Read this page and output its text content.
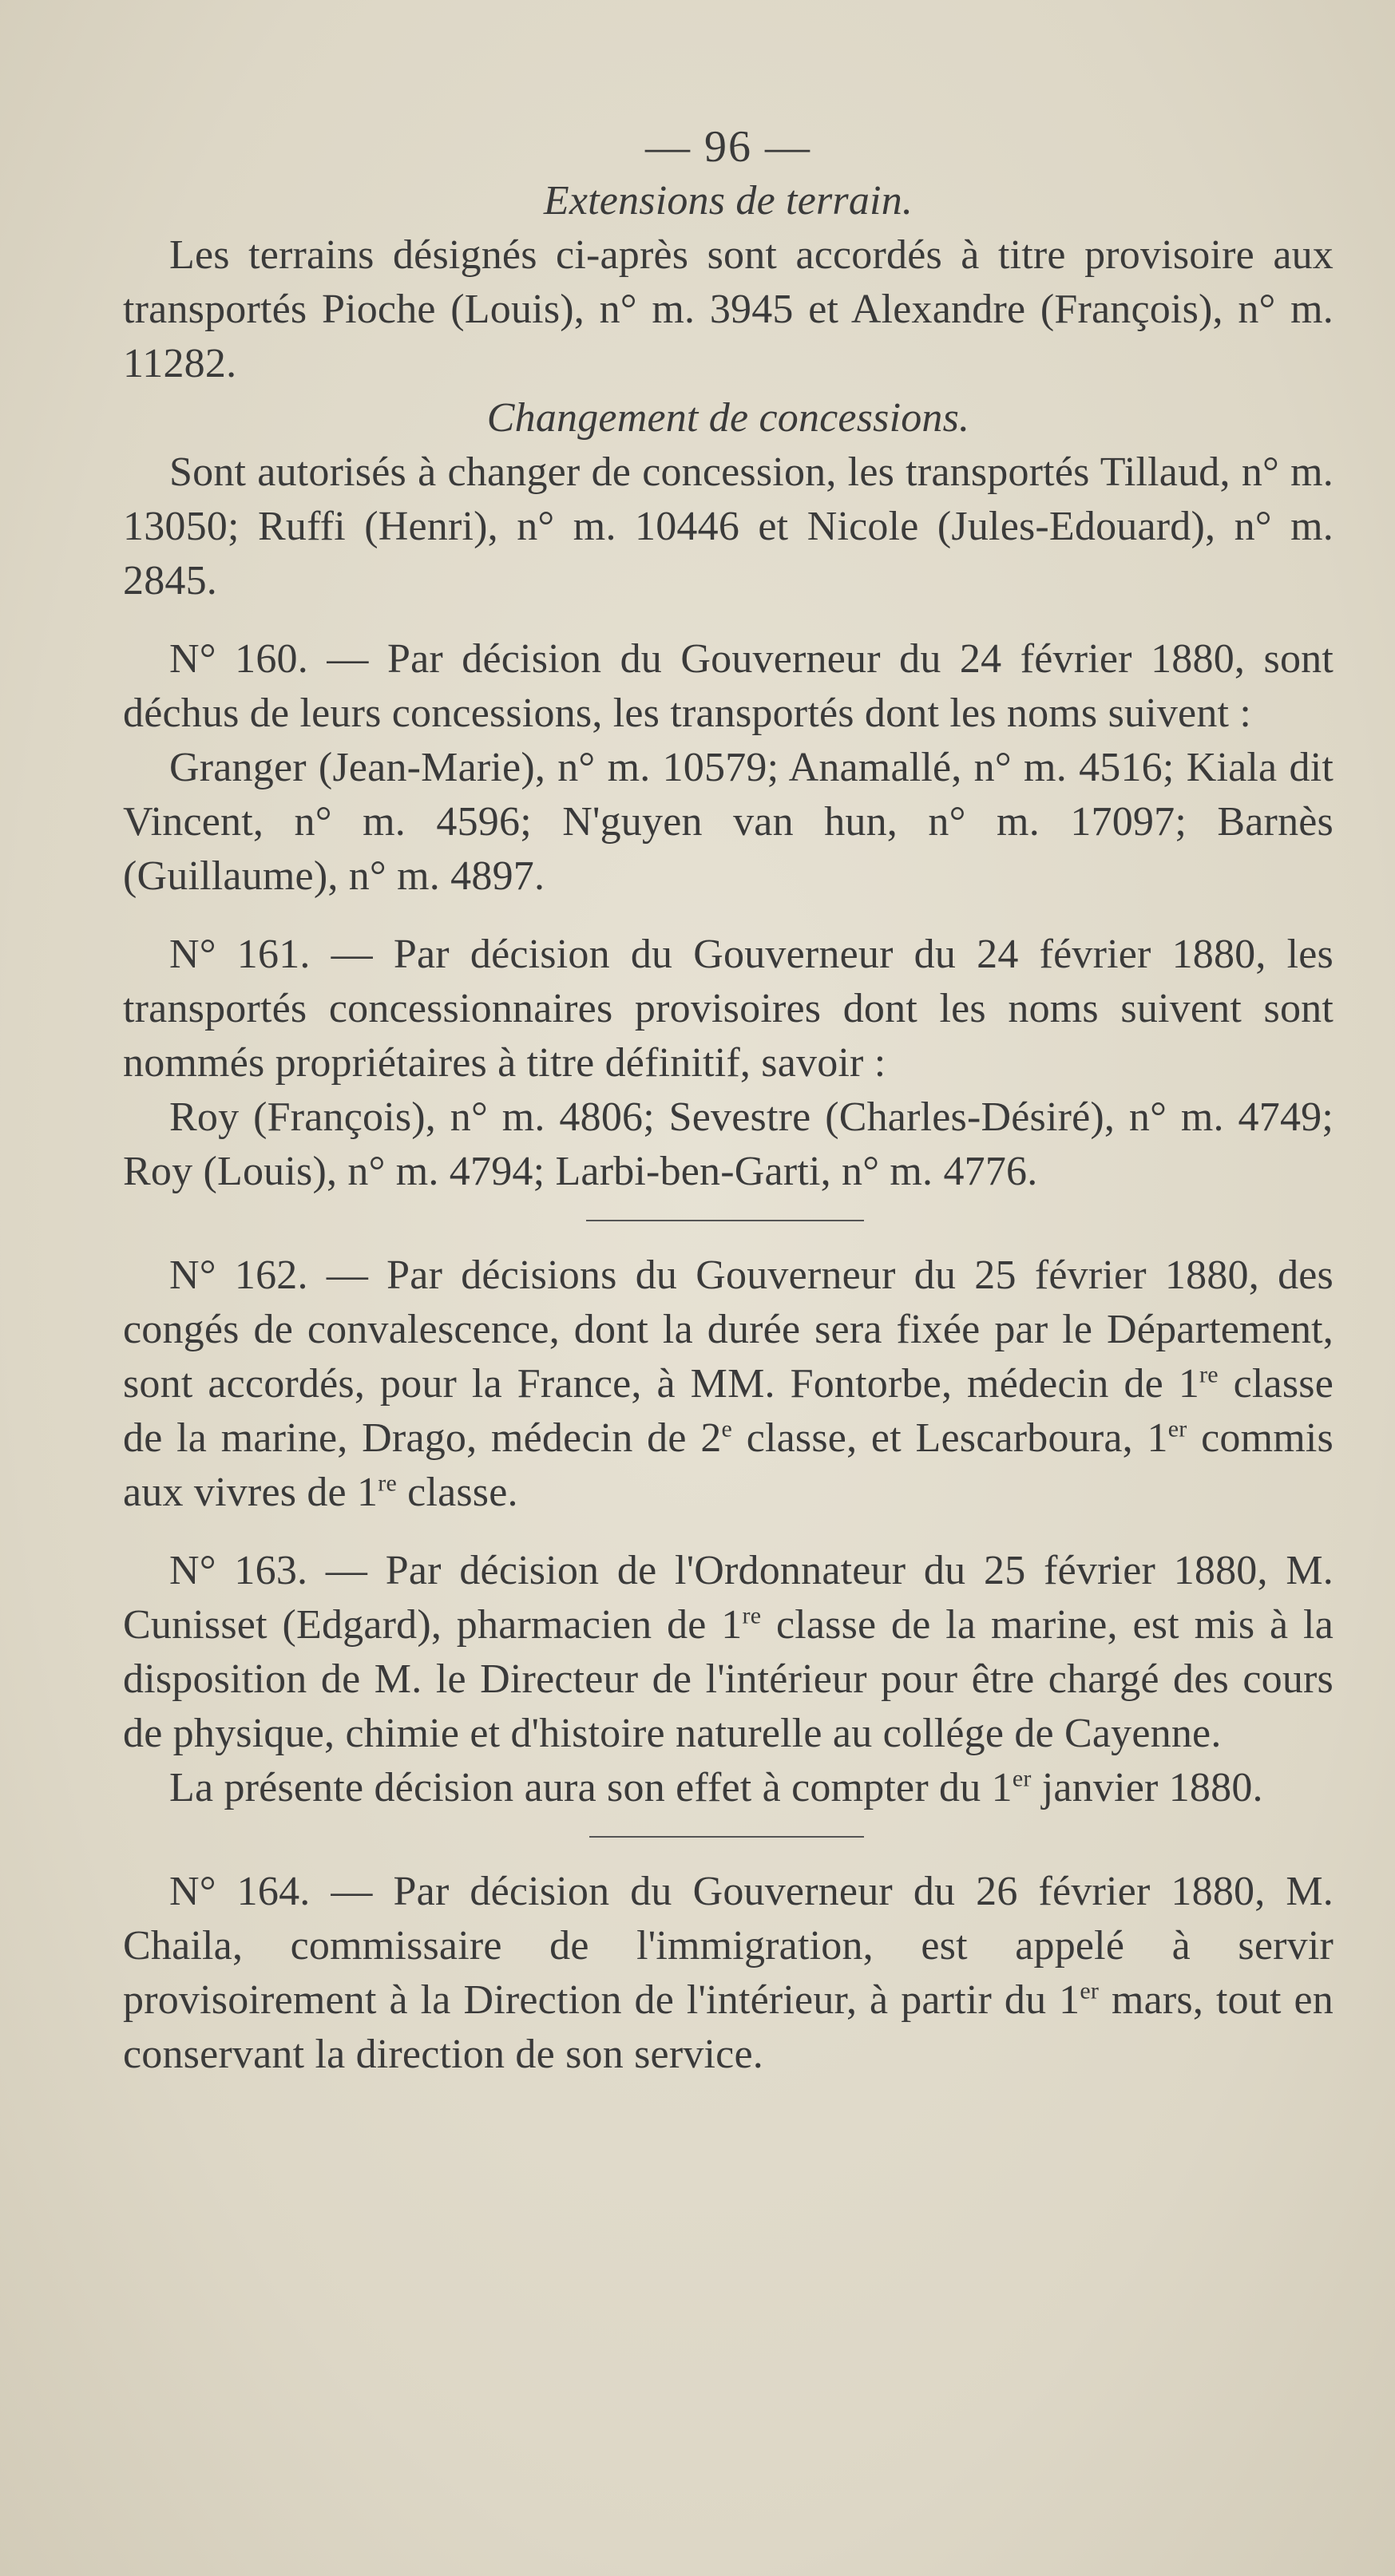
— 96 —

Extensions de terrain.

Les terrains désignés ci-après sont accordés à titre provisoire aux transportés Pioche (Louis), n° m. 3945 et Alexandre (François), n° m. 11282.

Changement de concessions.

Sont autorisés à changer de concession, les transportés Tillaud, n° m. 13050; Ruffi (Henri), n° m. 10446 et Nicole (Jules-Edouard), n° m. 2845.

N° 160. — Par décision du Gouverneur du 24 février 1880, sont déchus de leurs concessions, les transportés dont les noms suivent :

Granger (Jean-Marie), n° m. 10579; Anamallé, n° m. 4516; Kiala dit Vincent, n° m. 4596; N'guyen van hun, n° m. 17097; Barnès (Guillaume), n° m. 4897.

N° 161. — Par décision du Gouverneur du 24 février 1880, les transportés concessionnaires provisoires dont les noms suivent sont nommés propriétaires à titre définitif, savoir :

Roy (François), n° m. 4806; Sevestre (Charles-Désiré), n° m. 4749; Roy (Louis), n° m. 4794; Larbi-ben-Garti, n° m. 4776.

N° 162. — Par décisions du Gouverneur du 25 février 1880, des congés de convalescence, dont la durée sera fixée par le Département, sont accordés, pour la France, à MM. Fontorbe, médecin de 1re classe de la marine, Drago, médecin de 2e classe, et Lescarboura, 1er commis aux vivres de 1re classe.

N° 163. — Par décision de l'Ordonnateur du 25 février 1880, M. Cunisset (Edgard), pharmacien de 1re classe de la marine, est mis à la disposition de M. le Directeur de l'intérieur pour être chargé des cours de physique, chimie et d'histoire naturelle au collége de Cayenne.

La présente décision aura son effet à compter du 1er janvier 1880.

N° 164. — Par décision du Gouverneur du 26 février 1880, M. Chaila, commissaire de l'immigration, est appelé à servir provisoirement à la Direction de l'intérieur, à partir du 1er mars, tout en conservant la direction de son service.
